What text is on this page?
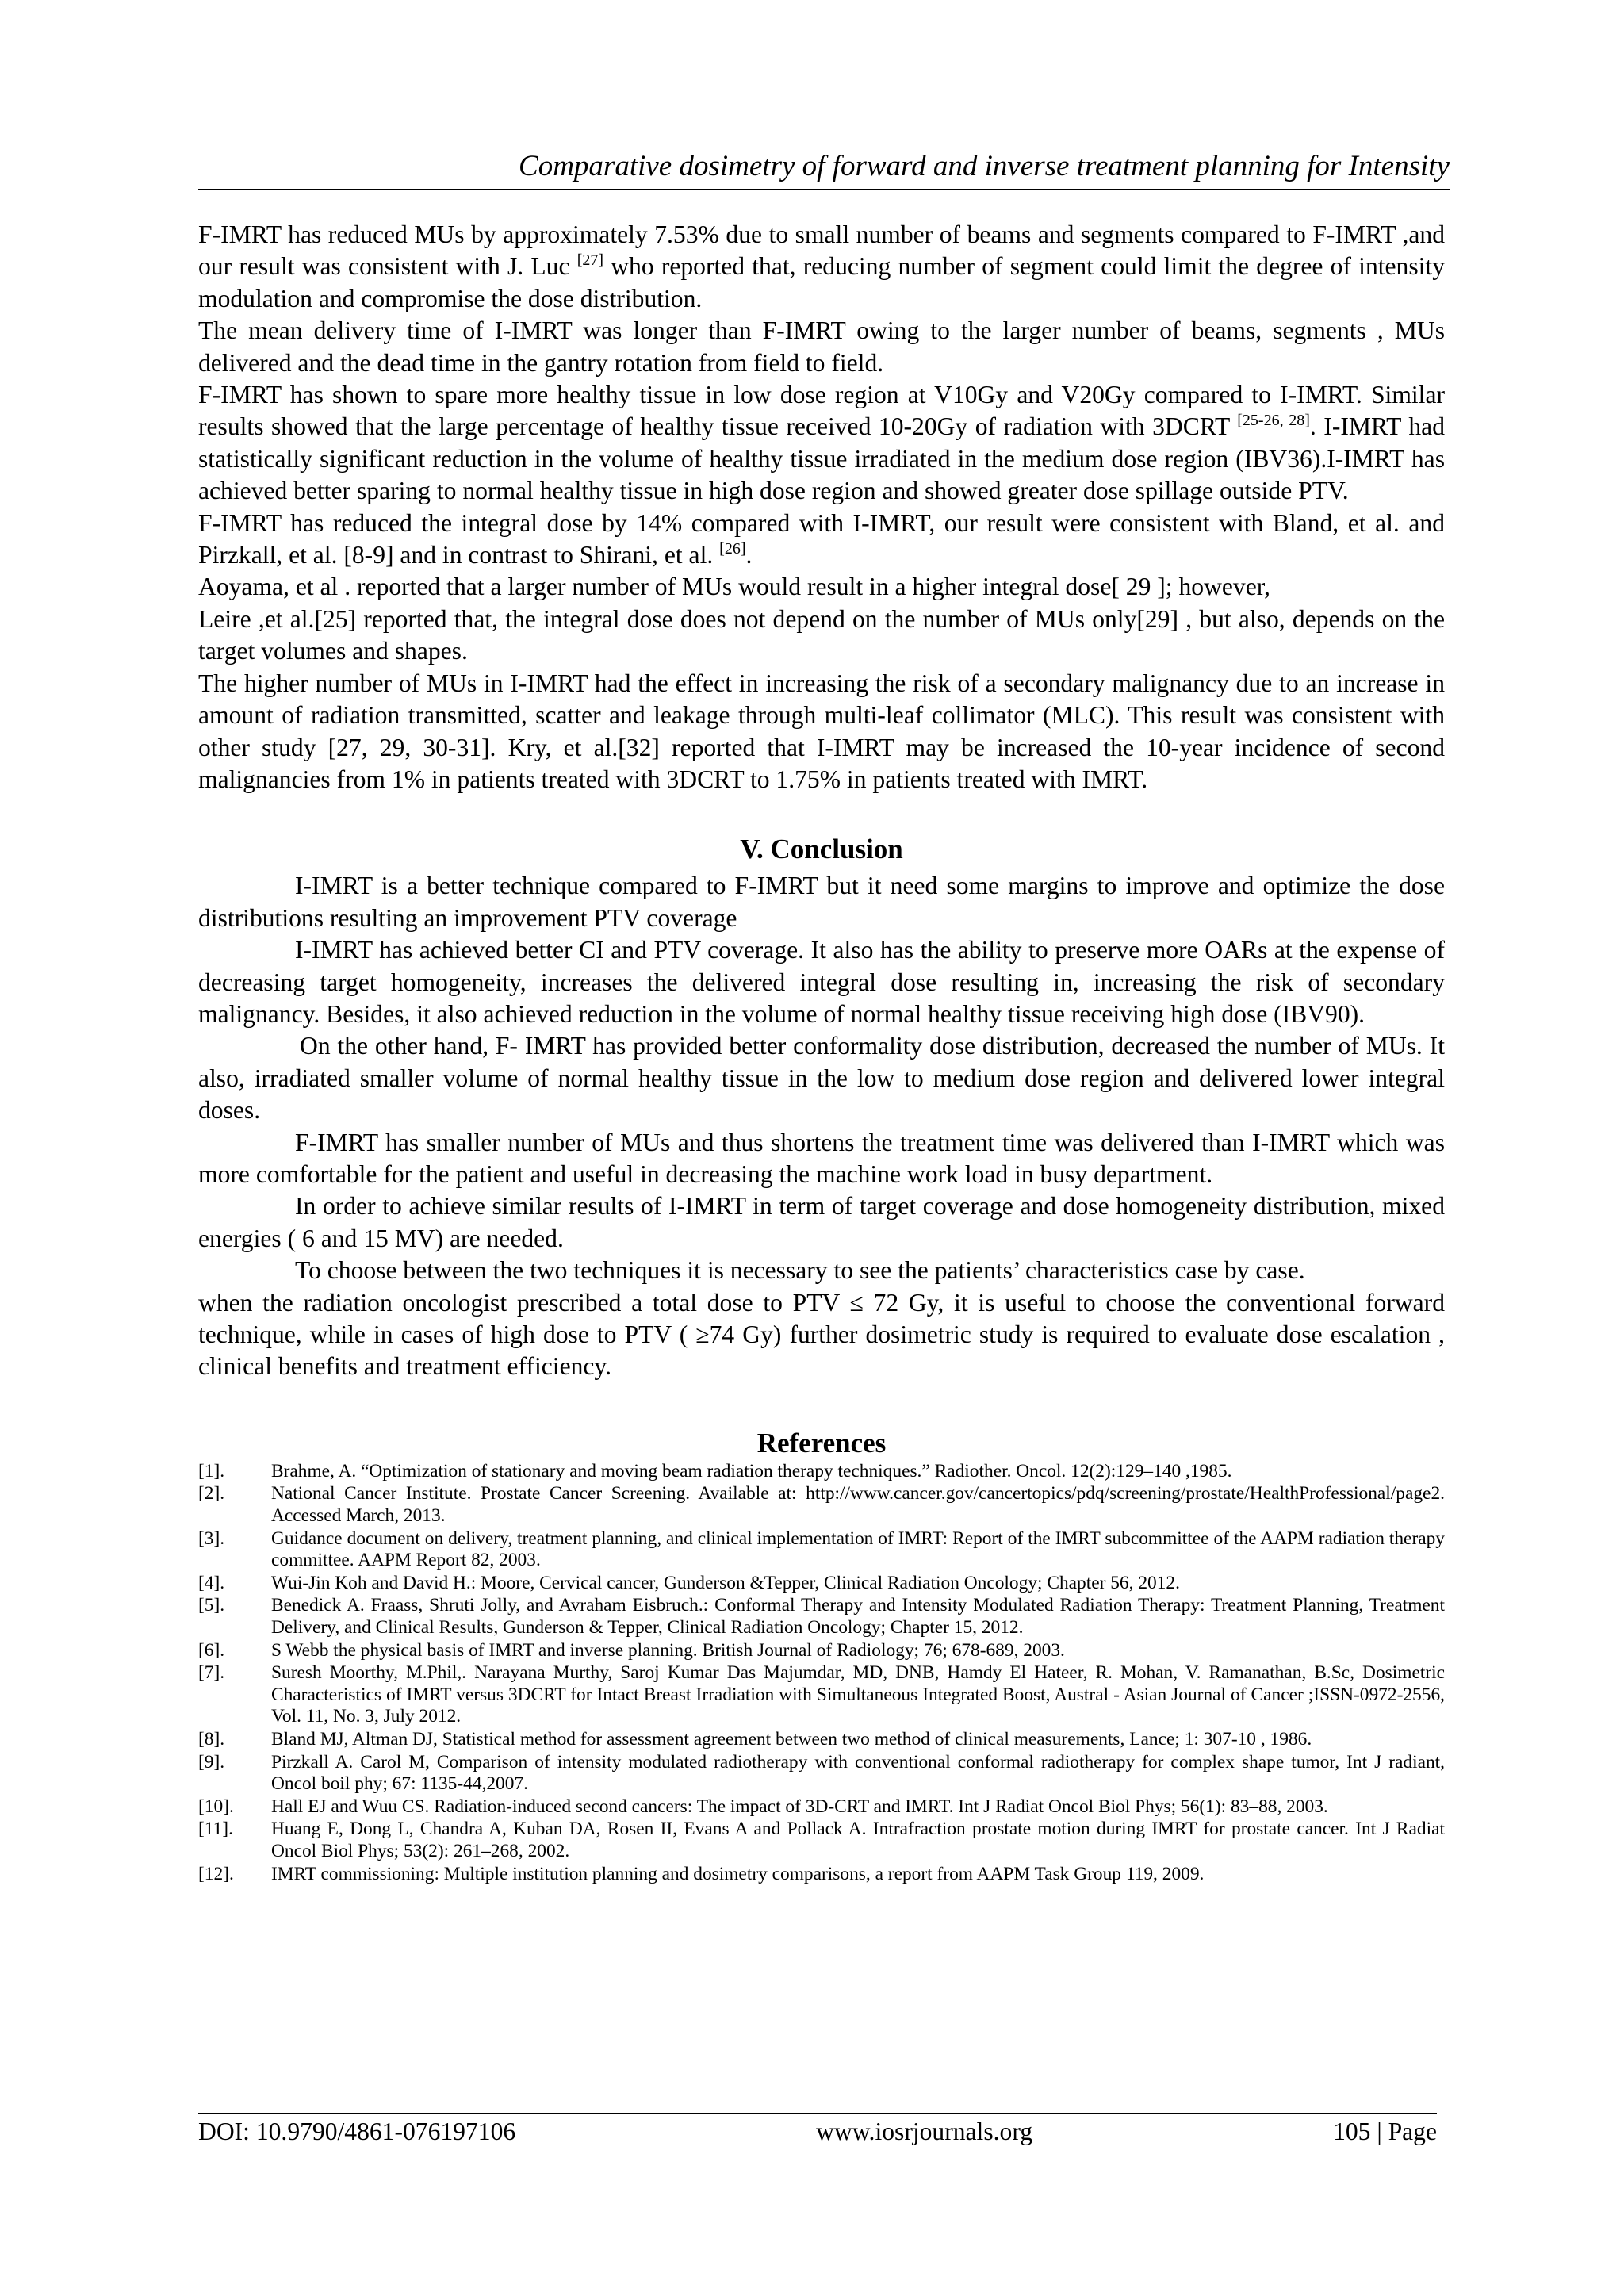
Comparative dosimetry of forward and inverse treatment planning for Intensity

F-IMRT has reduced MUs by approximately 7.53% due to small number of beams and segments compared to F-IMRT ,and our result was consistent with J. Luc [27] who reported that, reducing number of segment could limit the degree of intensity modulation and compromise the dose distribution.

The mean delivery time of I-IMRT was longer than F-IMRT owing to the larger number of beams, segments , MUs delivered and the dead time in the gantry rotation from field to field.

F-IMRT has shown to spare more healthy tissue in low dose region at V10Gy and V20Gy compared to I-IMRT. Similar results showed that the large percentage of healthy tissue received 10-20Gy of radiation with 3DCRT [25-26, 28]. I-IMRT had statistically significant reduction in the volume of healthy tissue irradiated in the medium dose region (IBV36).I-IMRT has achieved better sparing to normal healthy tissue in high dose region and showed greater dose spillage outside PTV.

F-IMRT has reduced the integral dose by 14% compared with I-IMRT, our result were consistent with Bland, et al. and Pirzkall, et al. [8-9] and in contrast to Shirani, et al. [26].

Aoyama, et al . reported that a larger number of MUs would result in a higher integral dose[ 29 ]; however,

Leire ,et al.[25] reported that, the integral dose does not depend on the number of MUs only[29] , but also, depends on the target volumes and shapes.

The higher number of MUs in I-IMRT had the effect in increasing the risk of a secondary malignancy due to an increase in amount of radiation transmitted, scatter and leakage through multi-leaf collimator (MLC). This result was consistent with other study [27, 29, 30-31]. Kry, et al.[32] reported that I-IMRT may be increased the 10-year incidence of second malignancies from 1% in patients treated with 3DCRT to 1.75% in patients treated with IMRT.

V. Conclusion

I-IMRT is a better technique compared to F-IMRT but it need some margins to improve and optimize the dose distributions resulting an improvement PTV coverage

I-IMRT has achieved better CI and PTV coverage. It also has the ability to preserve more OARs at the expense of decreasing target homogeneity, increases the delivered integral dose resulting in, increasing the risk of secondary malignancy. Besides, it also achieved reduction in the volume of normal healthy tissue receiving high dose (IBV90).

On the other hand, F- IMRT has provided better conformality dose distribution, decreased the number of MUs. It also, irradiated smaller volume of normal healthy tissue in the low to medium dose region and delivered lower integral doses.

F-IMRT has smaller number of MUs and thus shortens the treatment time was delivered than I-IMRT which was more comfortable for the patient and useful in decreasing the machine work load in busy department.

In order to achieve similar results of I-IMRT in term of target coverage and dose homogeneity distribution, mixed energies ( 6 and 15 MV) are needed.

To choose between the two techniques it is necessary to see the patients’ characteristics case by case.

when the radiation oncologist prescribed a total dose to PTV ≤ 72 Gy, it is useful to choose the conventional forward technique, while in cases of high dose to PTV ( ≥74 Gy) further dosimetric study is required to evaluate dose escalation , clinical benefits and treatment efficiency.

References
[1].	Brahme, A. “Optimization of stationary and moving beam radiation therapy techniques.” Radiother. Oncol. 12(2):129–140 ,1985.
[2].	National Cancer Institute. Prostate Cancer Screening. Available at: http://www.cancer.gov/cancertopics/pdq/screening/prostate/HealthProfessional/page2. Accessed March, 2013.
[3].	Guidance document on delivery, treatment planning, and clinical implementation of IMRT: Report of the IMRT subcommittee of the AAPM radiation therapy committee. AAPM Report 82, 2003.
[4].	Wui-Jin Koh and David H.: Moore, Cervical cancer, Gunderson &Tepper, Clinical Radiation Oncology; Chapter 56, 2012.
[5].	Benedick A. Fraass, Shruti Jolly, and Avraham Eisbruch.: Conformal Therapy and Intensity Modulated Radiation Therapy: Treatment Planning, Treatment Delivery, and Clinical Results, Gunderson & Tepper, Clinical Radiation Oncology; Chapter 15, 2012.
[6].	S Webb the physical basis of IMRT and inverse planning. British Journal of Radiology; 76; 678-689, 2003.
[7].	Suresh Moorthy, M.Phil,. Narayana Murthy, Saroj Kumar Das Majumdar, MD, DNB, Hamdy El Hateer, R. Mohan, V. Ramanathan, B.Sc, Dosimetric Characteristics of IMRT versus 3DCRT for Intact Breast Irradiation with Simultaneous Integrated Boost, Austral - Asian Journal of Cancer ;ISSN-0972-2556, Vol. 11, No. 3, July 2012.
[8].	Bland MJ, Altman DJ, Statistical method for assessment agreement between two method of clinical measurements, Lance; 1: 307-10 , 1986.
[9].	Pirzkall A. Carol M, Comparison of intensity modulated radiotherapy with conventional conformal radiotherapy for complex shape tumor, Int J radiant, Oncol boil phy; 67: 1135-44,2007.
[10].	Hall EJ and Wuu CS. Radiation-induced second cancers: The impact of 3D-CRT and IMRT. Int J Radiat Oncol Biol Phys; 56(1): 83–88, 2003.
[11].	Huang E, Dong L, Chandra A, Kuban DA, Rosen II, Evans A and Pollack A. Intrafraction prostate motion during IMRT for prostate cancer. Int J Radiat Oncol Biol Phys; 53(2): 261–268, 2002.
[12].	IMRT commissioning: Multiple institution planning and dosimetry comparisons, a report from AAPM Task Group 119, 2009.
DOI: 10.9790/4861-076197106	www.iosrjournals.org	105 | Page
